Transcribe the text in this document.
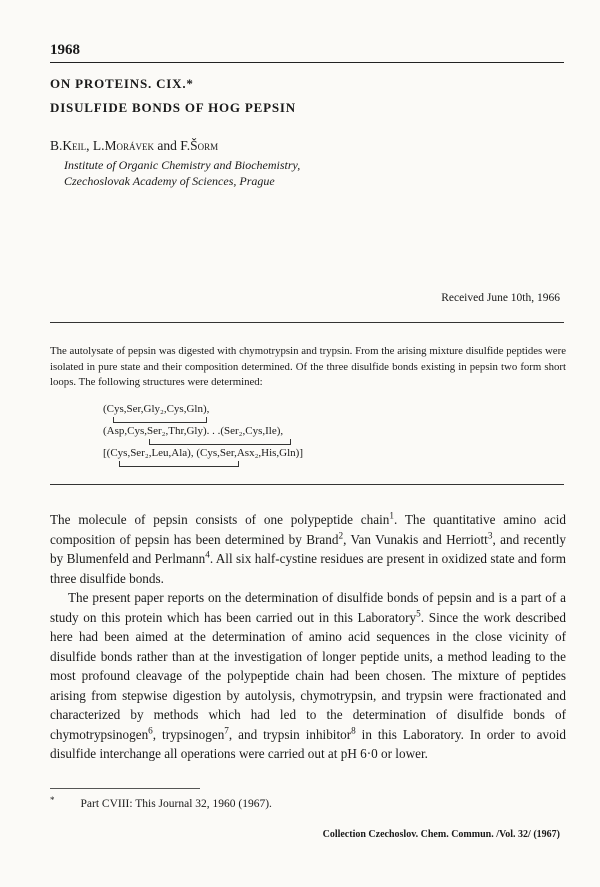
1968
ON PROTEINS. CIX.*
DISULFIDE BONDS OF HOG PEPSIN
B.Keil, L.Morávek and F.Šorm
Institute of Organic Chemistry and Biochemistry,
Czechoslovak Academy of Sciences, Prague
Received June 10th, 1966
The autolysate of pepsin was digested with chymotrypsin and trypsin. From the arising mixture disulfide peptides were isolated in pure state and their composition determined. Of the three disulfide bonds existing in pepsin two form short loops. The following structures were determined:
(Cys,Ser,Gly₂,Cys,Gln),
(Asp,Cys,Ser₂,Thr,Gly). . .(Ser₂,Cys,Ile),
[(Cys,Ser₂,Leu,Ala), (Cys,Ser,Asx₂,His,Gln)]

The molecule of pepsin consists of one polypeptide chain$^1$. The quantitative amino acid composition of pepsin has been determined by Brand$^2$, Van Vunakis and Herriott$^3$, and recently by Blumenfeld and Perlmann$^4$. All six half-cystine residues are present in oxidized state and form three disulfide bonds.

The present paper reports on the determination of disulfide bonds of pepsin and is a part of a study on this protein which has been carried out in this Laboratory$^5$. Since the work described here had been aimed at the determination of amino acid sequences in the close vicinity of disulfide bonds rather than at the investigation of longer peptide units, a method leading to the most profound cleavage of the polypeptide chain had been chosen. The mixture of peptides arising from stepwise digestion by autolysis, chymotrypsin, and trypsin were fractionated and characterized by methods which had led to the determination of disulfide bonds of chymotrypsinogen$^6$, trypsinogen$^7$, and trypsin inhibitor$^8$ in this Laboratory. In order to avoid disulfide interchange all operations were carried out at pH 6·0 or lower.

* Part CVIII: This Journal 32, 1960 (1967).
Collection Czechoslov. Chem. Commun. /Vol. 32/ (1967)
